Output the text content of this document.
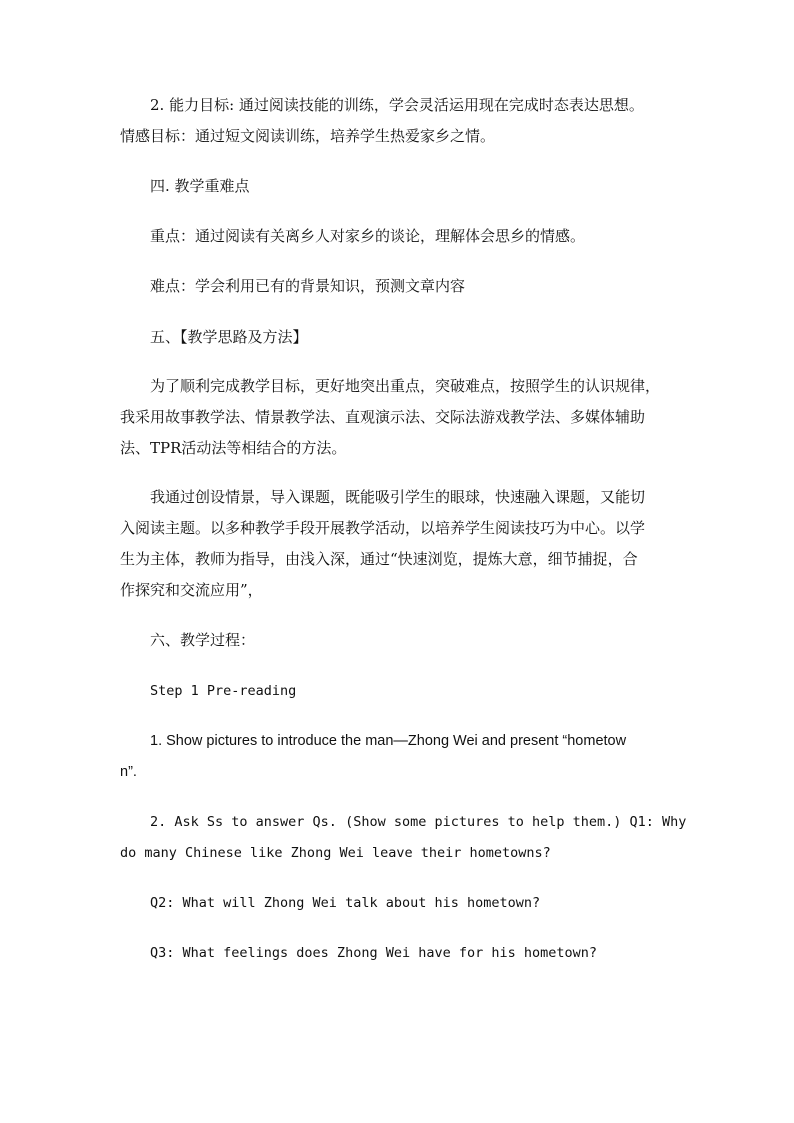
2. 能力目标: 通过阅读技能的训练，学会灵活运用现在完成时态表达思想。
情感目标：通过短文阅读训练，培养学生热爱家乡之情。

四. 教学重难点

重点：通过阅读有关离乡人对家乡的谈论，理解体会思乡的情感。

难点：学会利用已有的背景知识，预测文章内容

五、【教学思路及方法】

为了顺利完成教学目标，更好地突出重点，突破难点，按照学生的认识规律，
我采用故事教学法、情景教学法、直观演示法、交际法游戏教学法、多媒体辅助
法、TPR活动法等相结合的方法。

我通过创设情景，导入课题，既能吸引学生的眼球，快速融入课题，又能切
入阅读主题。以多种教学手段开展教学活动，以培养学生阅读技巧为中心。以学
生为主体，教师为指导，由浅入深，通过“快速浏览，提炼大意，细节捕捉，合
作探究和交流应用”，

六、教学过程：

Step 1 Pre-reading

1. Show pictures to introduce the man—Zhong Wei and present “hometow
n”.

2. Ask Ss to answer Qs. (Show some pictures to help them.) Q1: Why
do many Chinese like Zhong Wei leave their hometowns?

Q2: What will Zhong Wei talk about his hometown?

Q3: What feelings does Zhong Wei have for his hometown?
